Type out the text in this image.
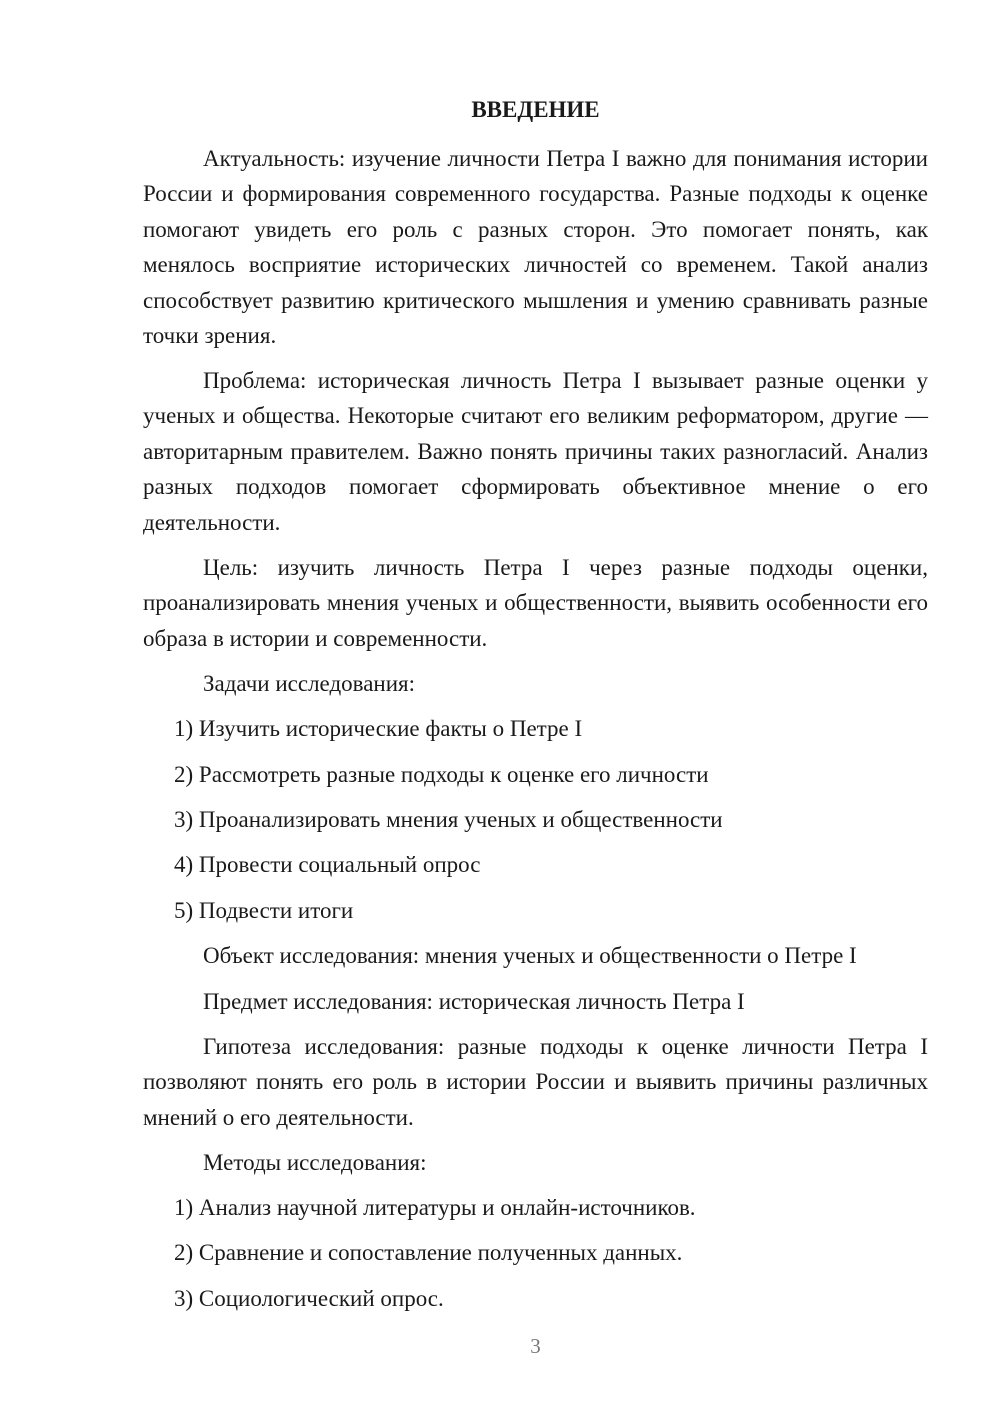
ВВЕДЕНИЕ

Актуальность: изучение личности Петра I важно для понимания истории России и формирования современного государства. Разные подходы к оценке помогают увидеть его роль с разных сторон. Это помогает понять, как менялось восприятие исторических личностей со временем. Такой анализ способствует развитию критического мышления и умению сравнивать разные точки зрения.

Проблема: историческая личность Петра I вызывает разные оценки у ученых и общества. Некоторые считают его великим реформатором, другие — авторитарным правителем. Важно понять причины таких разногласий. Анализ разных подходов помогает сформировать объективное мнение о его деятельности.

Цель: изучить личность Петра I через разные подходы оценки, проанализировать мнения ученых и общественности, выявить особенности его образа в истории и современности.

Задачи исследования:
1) Изучить исторические факты о Петре I
2) Рассмотреть разные подходы к оценке его личности
3) Проанализировать мнения ученых и общественности
4) Провести социальный опрос
5) Подвести итоги
Объект исследования: мнения ученых и общественности о Петре I
Предмет исследования: историческая личность Петра I

Гипотеза исследования: разные подходы к оценке личности Петра I позволяют понять его роль в истории России и выявить причины различных мнений о его деятельности.

Методы исследования:
1) Анализ научной литературы и онлайн-источников.
2) Сравнение и сопоставление полученных данных.
3) Социологический опрос.
3
